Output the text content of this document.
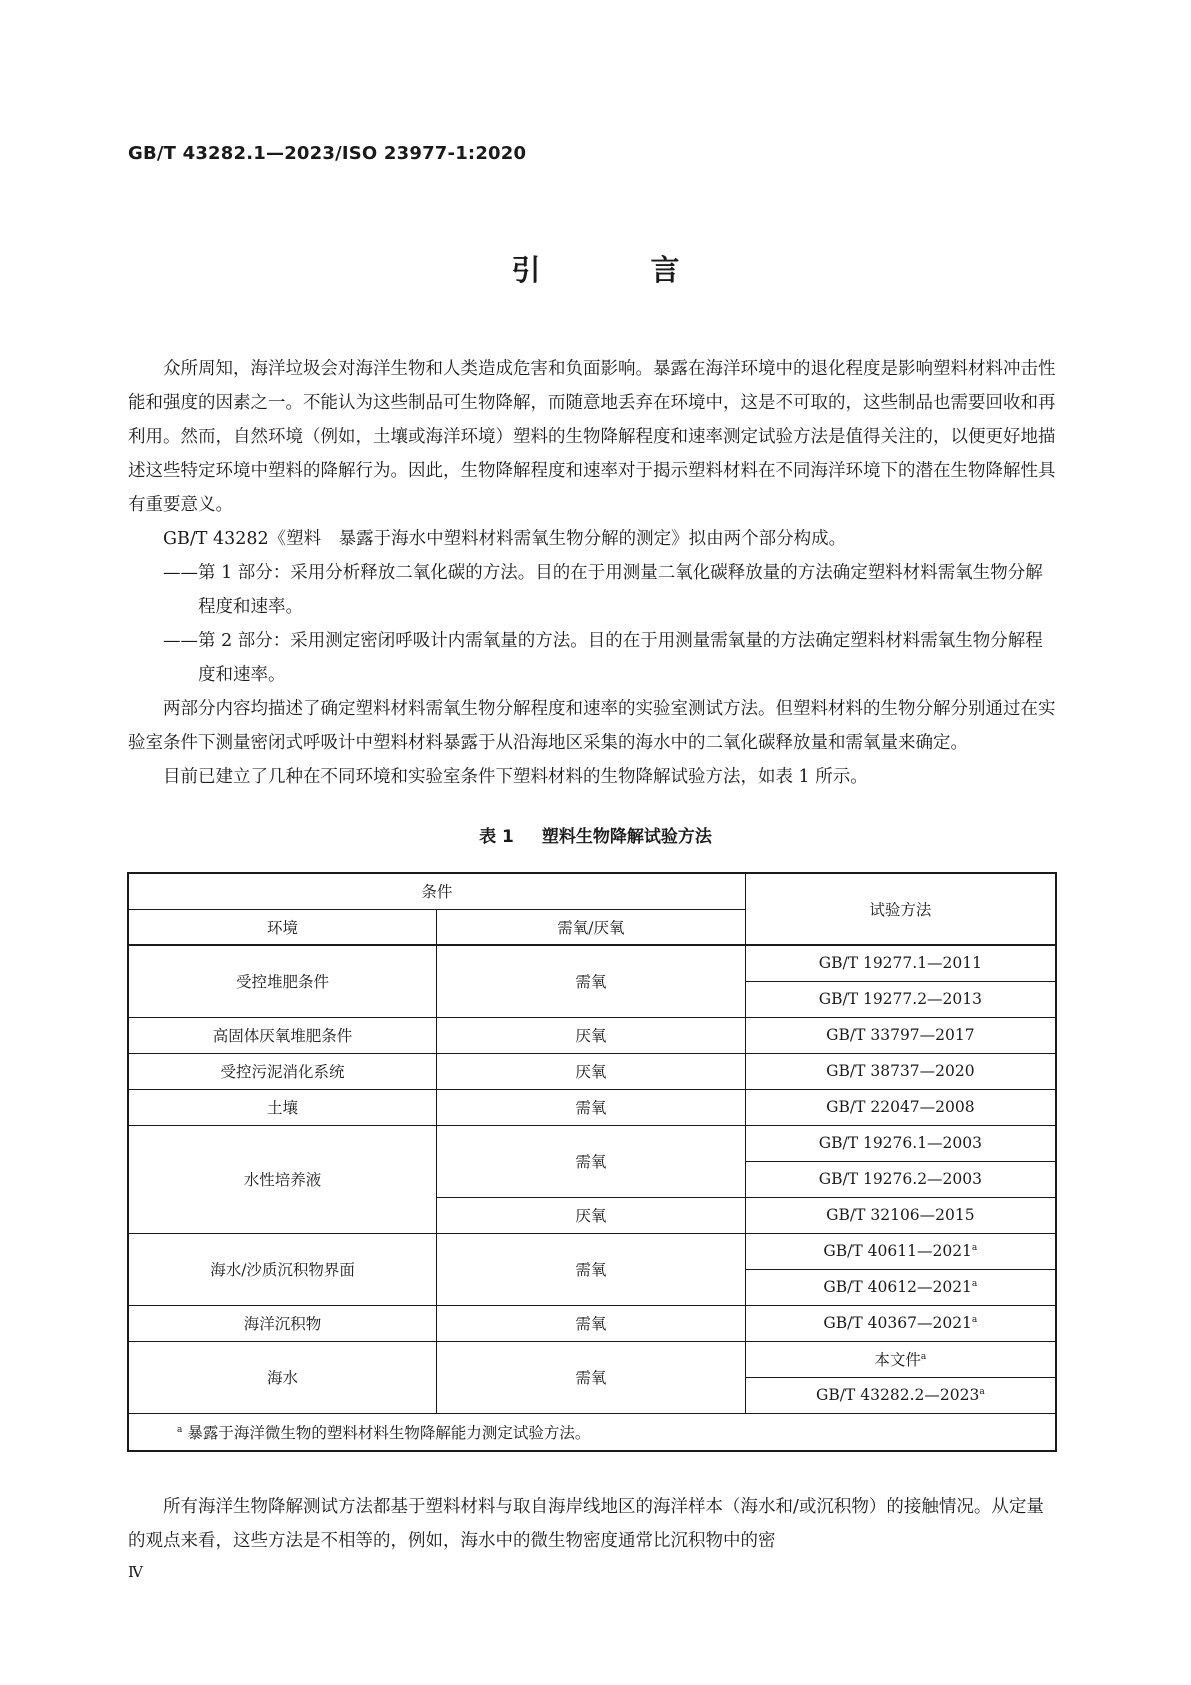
GB/T 43282.1—2023/ISO 23977-1:2020
引 言

众所周知，海洋垃圾会对海洋生物和人类造成危害和负面影响。暴露在海洋环境中的退化程度是影响塑料材料冲击性能和强度的因素之一。不能认为这些制品可生物降解，而随意地丢弃在环境中，这是不可取的，这些制品也需要回收和再利用。然而，自然环境（例如，土壤或海洋环境）塑料的生物降解程度和速率测定试验方法是值得关注的，以便更好地描述这些特定环境中塑料的降解行为。因此，生物降解程度和速率对于揭示塑料材料在不同海洋环境下的潜在生物降解性具有重要意义。

GB/T 43282《塑料　暴露于海水中塑料材料需氧生物分解的测定》拟由两个部分构成。

——第 1 部分：采用分析释放二氧化碳的方法。目的在于用测量二氧化碳释放量的方法确定塑料材料需氧生物分解程度和速率。

——第 2 部分：采用测定密闭呼吸计内需氧量的方法。目的在于用测量需氧量的方法确定塑料材料需氧生物分解程度和速率。

两部分内容均描述了确定塑料材料需氧生物分解程度和速率的实验室测试方法。但塑料材料的生物分解分别通过在实验室条件下测量密闭式呼吸计中塑料材料暴露于从沿海地区采集的海水中的二氧化碳释放量和需氧量来确定。

目前已建立了几种在不同环境和实验室条件下塑料材料的生物降解试验方法，如表 1 所示。

表 1 塑料生物降解试验方法
条件		试验方法
环境	需氧/厌氧	
受控堆肥条件	需氧	GB/T 19277.1—2011
		GB/T 19277.2—2013
高固体厌氧堆肥条件	厌氧	GB/T 33797—2017
受控污泥消化系统	厌氧	GB/T 38737—2020
土壤	需氧	GB/T 22047—2008
水性培养液	需氧	GB/T 19276.1—2003
		GB/T 19276.2—2003
	厌氧	GB/T 32106—2015
海水/沙质沉积物界面	需氧	GB/T 40611—2021$^a$
		GB/T 40612—2021$^a$
海洋沉积物	需氧	GB/T 40367—2021$^a$
海水	需氧	本文件$^a$
		GB/T 43282.2—2023$^a$
$^a$ 暴露于海洋微生物的塑料材料生物降解能力测定试验方法。		

所有海洋生物降解测试方法都基于塑料材料与取自海岸线地区的海洋样本（海水和/或沉积物）的接触情况。从定量的观点来看，这些方法是不相等的，例如，海水中的微生物密度通常比沉积物中的密

Ⅳ
